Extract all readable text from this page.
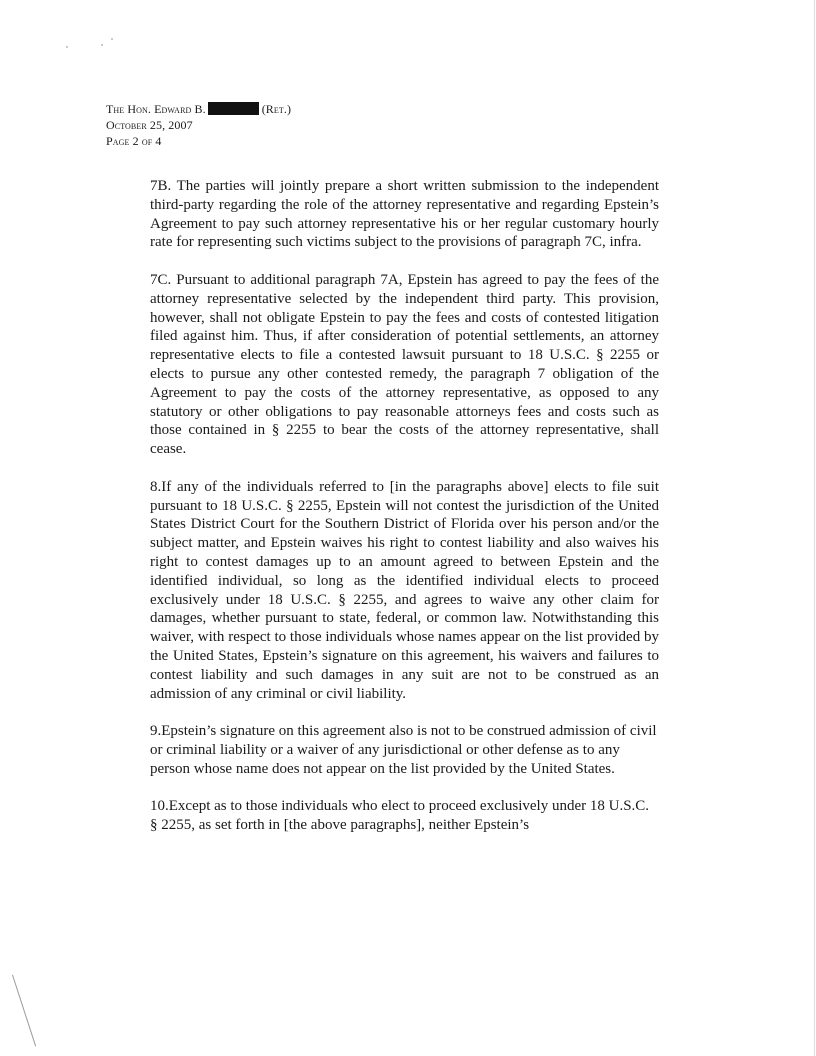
The Hon. Edward B.	(Ret.)
October 25, 2007
Page 2 of 4

7B. The parties will jointly prepare a short written submission to the independent third-party regarding the role of the attorney representative and regarding Epstein’s Agreement to pay such attorney representative his or her regular customary hourly rate for representing such victims subject to the provisions of paragraph 7C, infra.

7C. Pursuant to additional paragraph 7A, Epstein has agreed to pay the fees of the attorney representative selected by the independent third party. This provision, however, shall not obligate Epstein to pay the fees and costs of contested litigation filed against him. Thus, if after consideration of potential settlements, an attorney representative elects to file a contested lawsuit pursuant to 18 U.S.C. § 2255 or elects to pursue any other contested remedy, the paragraph 7 obligation of the Agreement to pay the costs of the attorney representative, as opposed to any statutory or other obligations to pay reasonable attorneys fees and costs such as those contained in § 2255 to bear the costs of the attorney representative, shall cease.

8.If any of the individuals referred to [in the paragraphs above] elects to file suit pursuant to 18 U.S.C. § 2255, Epstein will not contest the jurisdiction of the United States District Court for the Southern District of Florida over his person and/or the subject matter, and Epstein waives his right to contest liability and also waives his right to contest damages up to an amount agreed to between Epstein and the identified individual, so long as the identified individual elects to proceed exclusively under 18 U.S.C. § 2255, and agrees to waive any other claim for damages, whether pursuant to state, federal, or common law. Notwithstanding this waiver, with respect to those individuals whose names appear on the list provided by the United States, Epstein’s signature on this agreement, his waivers and failures to contest liability and such damages in any suit are not to be construed as an admission of any criminal or civil liability.

9.Epstein’s signature on this agreement also is not to be construed admission of civil or criminal liability or a waiver of any jurisdictional or other defense as to any person whose name does not appear on the list provided by the United States.

10.Except as to those individuals who elect to proceed exclusively under 18 U.S.C. § 2255, as set forth in [the above paragraphs], neither Epstein’s
